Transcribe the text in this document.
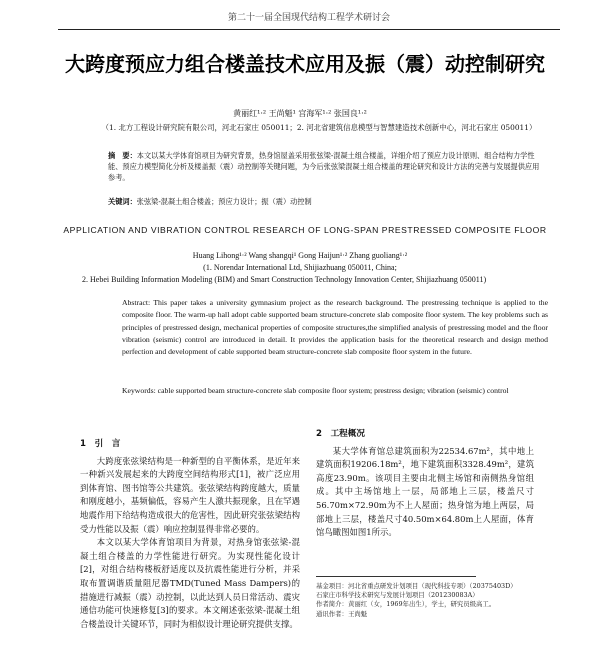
第二十一届全国现代结构工程学术研讨会
大跨度预应力组合楼盖技术应用及振（震）动控制研究
黄丽红¹·² 王尚魁¹ 宫海军¹·² 张国良¹·²
（1. 北方工程设计研究院有限公司，河北石家庄 050011；2. 河北省建筑信息模型与智慧建造技术创新中心，河北石家庄 050011）
摘　要：本文以某大学体育馆项目为研究背景，热身馆屋盖采用张弦梁-混凝土组合楼盖，详细介绍了预应力设计原则、组合结构力学性能、预应力模型简化分析及楼盖振（震）动控制等关键问题，为今后张弦梁混凝土组合楼盖的理论研究和设计方法的完善与发展提供应用参考。
关键词：张弦梁-混凝土组合楼盖；预应力设计；振（震）动控制
APPLICATION AND VIBRATION CONTROL RESEARCH OF LONG-SPAN PRESTRESSED COMPOSITE FLOOR
Huang Lihong¹·² Wang shangqi¹ Gong Haijun¹·² Zhang guoliang¹·²
(1. Norendar International Ltd, Shijiazhuang 050011, China;
2. Hebei Building Information Modeling (BIM) and Smart Construction Technology Innovation Center, Shijiazhuang 050011)
Abstract: This paper takes a university gymnasium project as the research background. The prestressing technique is applied to the composite floor. The warm-up hall adopt cable supported beam structure-concrete slab composite floor system. The key problems such as principles of prestressed design, mechanical properties of composite structures,the simplified analysis of prestressing model and the floor vibration (seismic) control are introduced in detail. It provides the application basis for the theoretical research and design method perfection and development of cable supported beam structure-concrete slab composite floor system in the future.
Keywords: cable supported beam structure-concrete slab composite floor system; prestress design; vibration (seismic) control
1　引　言

大跨度张弦梁结构是一种新型的自平衡体系，是近年来一种新兴发展起来的大跨度空间结构形式[1]，被广泛应用到体育馆、图书馆等公共建筑。张弦梁结构跨度越大，质量和刚度越小，基频偏低，容易产生人激共振现象，且在罕遇地震作用下给结构造成很大的危害性，因此研究张弦梁结构受力性能以及振（震）响应控制显得非常必要的。

本文以某大学体育馆项目为背景，对热身馆张弦梁-混凝土组合楼盖的力学性能进行研究。为实现性能化设计[2]，对组合结构楼板舒适度以及抗震性能进行分析，并采取布置调谐质量阻尼器TMD(Tuned Mass Dampers)的措施进行减振（震）动控制，以此达到人员日常活动、震灾通信功能可快速修复[3]的要求。本文阐述张弦梁-混凝土组合楼盖设计关键环节，同时为相似设计理论研究提供支撑。

2　工程概况

某大学体育馆总建筑面积为22534.67m²，其中地上建筑面积19206.18m²，地下建筑面积3328.49m²，建筑高度23.90m。该项目主要由北侧主场馆和南侧热身馆组成。其中主场馆地上一层，局部地上三层，楼盖尺寸56.70m×72.90m为不上人屋面；热身馆为地上两层，局部地上三层，楼盖尺寸40.50m×64.80m上人屋面，体育馆鸟瞰图如图1所示。

基金项目：河北省重点研发计划项目（现代科技专项）（20375403D）
石家庄市科学技术研究与发展计划项目（201230083A）
作者简介：黄丽红（女，1969年出生），学士，研究员级高工。
通讯作者：王尚魁
